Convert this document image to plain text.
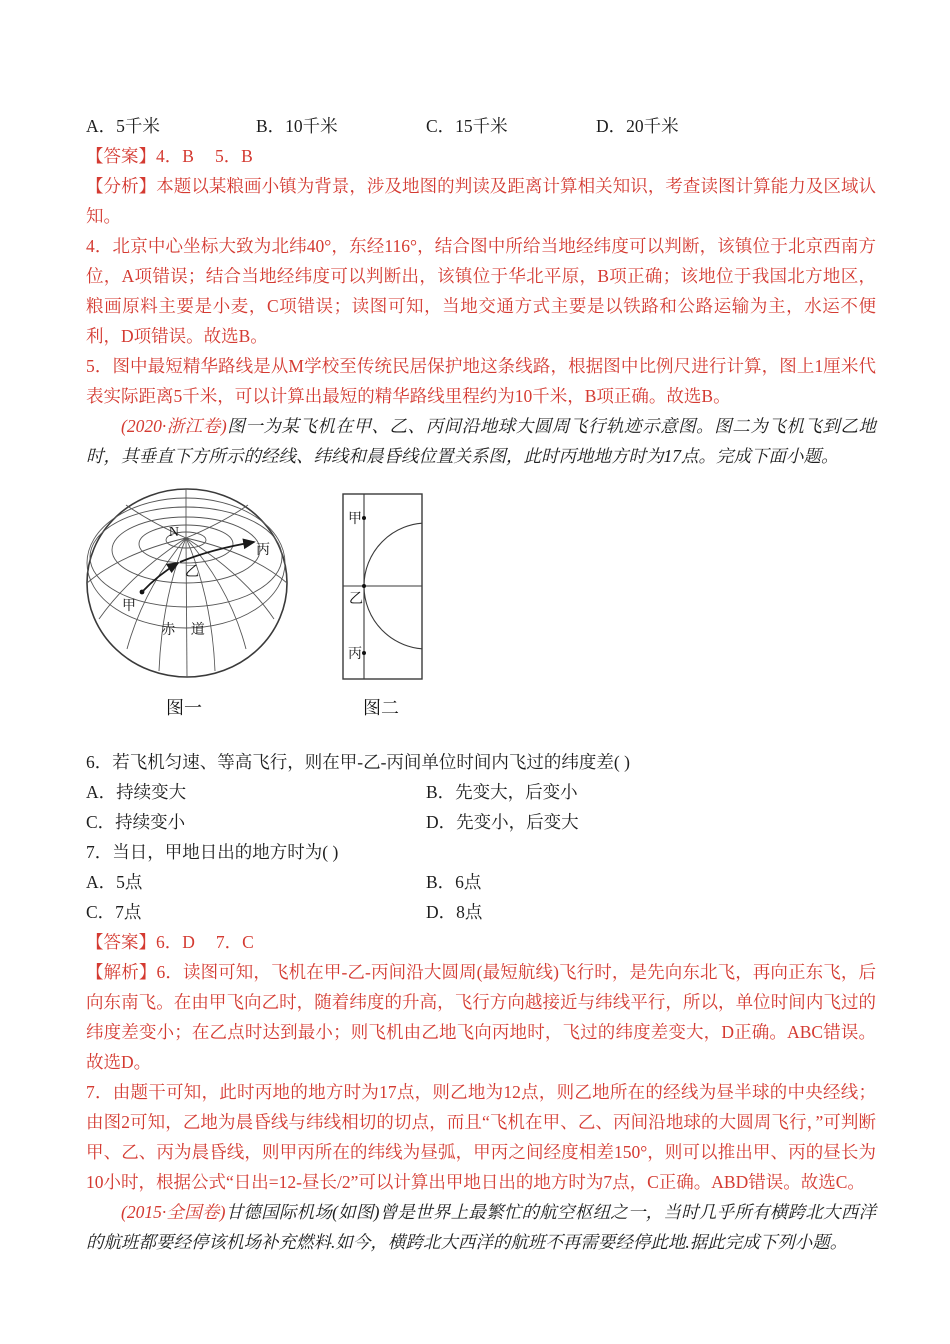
A．5千米	B．10千米	C．15千米	D．20千米

【答案】4．B 5．B

【分析】本题以某粮画小镇为背景，涉及地图的判读及距离计算相关知识，考查读图计算能力及区域认知。

4．北京中心坐标大致为北纬40°，东经116°，结合图中所给当地经纬度可以判断，该镇位于北京西南方位，A项错误；结合当地经纬度可以判断出，该镇位于华北平原，B项正确；该地位于我国北方地区，粮画原料主要是小麦，C项错误；读图可知，当地交通方式主要是以铁路和公路运输为主，水运不便利，D项错误。故选B。

5．图中最短精华路线是从M学校至传统民居保护地这条线路，根据图中比例尺进行计算，图上1厘米代表实际距离5千米，可以计算出最短的精华路线里程约为10千米，B项正确。故选B。

(2020·浙江卷)图一为某飞机在甲、乙、丙间沿地球大圆周飞行轨迹示意图。图二为飞机飞到乙地时，其垂直下方所示的经线、纬线和晨昏线位置关系图，此时丙地地方时为17点。完成下面小题。

N
甲
乙
丙
赤 道
甲
乙
丙
图一	图二

6．若飞机匀速、等高飞行，则在甲-乙-丙间单位时间内飞过的纬度差( )

A．持续变大	B．先变大，后变小

C．持续变小	D．先变小，后变大

7．当日，甲地日出的地方时为( )

A．5点	B．6点

C．7点	D．8点

【答案】6．D 7．C

【解析】6．读图可知，飞机在甲-乙-丙间沿大圆周(最短航线)飞行时，是先向东北飞，再向正东飞，后向东南飞。在由甲飞向乙时，随着纬度的升高，飞行方向越接近与纬线平行，所以，单位时间内飞过的纬度差变小；在乙点时达到最小；则飞机由乙地飞向丙地时，飞过的纬度差变大，D正确。ABC错误。故选D。

7．由题干可知，此时丙地的地方时为17点，则乙地为12点，则乙地所在的经线为昼半球的中央经线；由图2可知，乙地为晨昏线与纬线相切的切点，而且“飞机在甲、乙、丙间沿地球的大圆周飞行，”可判断甲、乙、丙为晨昏线，则甲丙所在的纬线为昼弧，甲丙之间经度相差150°，则可以推出甲、丙的昼长为10小时，根据公式“日出=12-昼长/2”可以计算出甲地日出的地方时为7点，C正确。ABD错误。故选C。

(2015·全国卷)甘德国际机场(如图)曾是世界上最繁忙的航空枢纽之一，当时几乎所有横跨北大西洋的航班都要经停该机场补充燃料.如今，横跨北大西洋的航班不再需要经停此地.据此完成下列小题。
